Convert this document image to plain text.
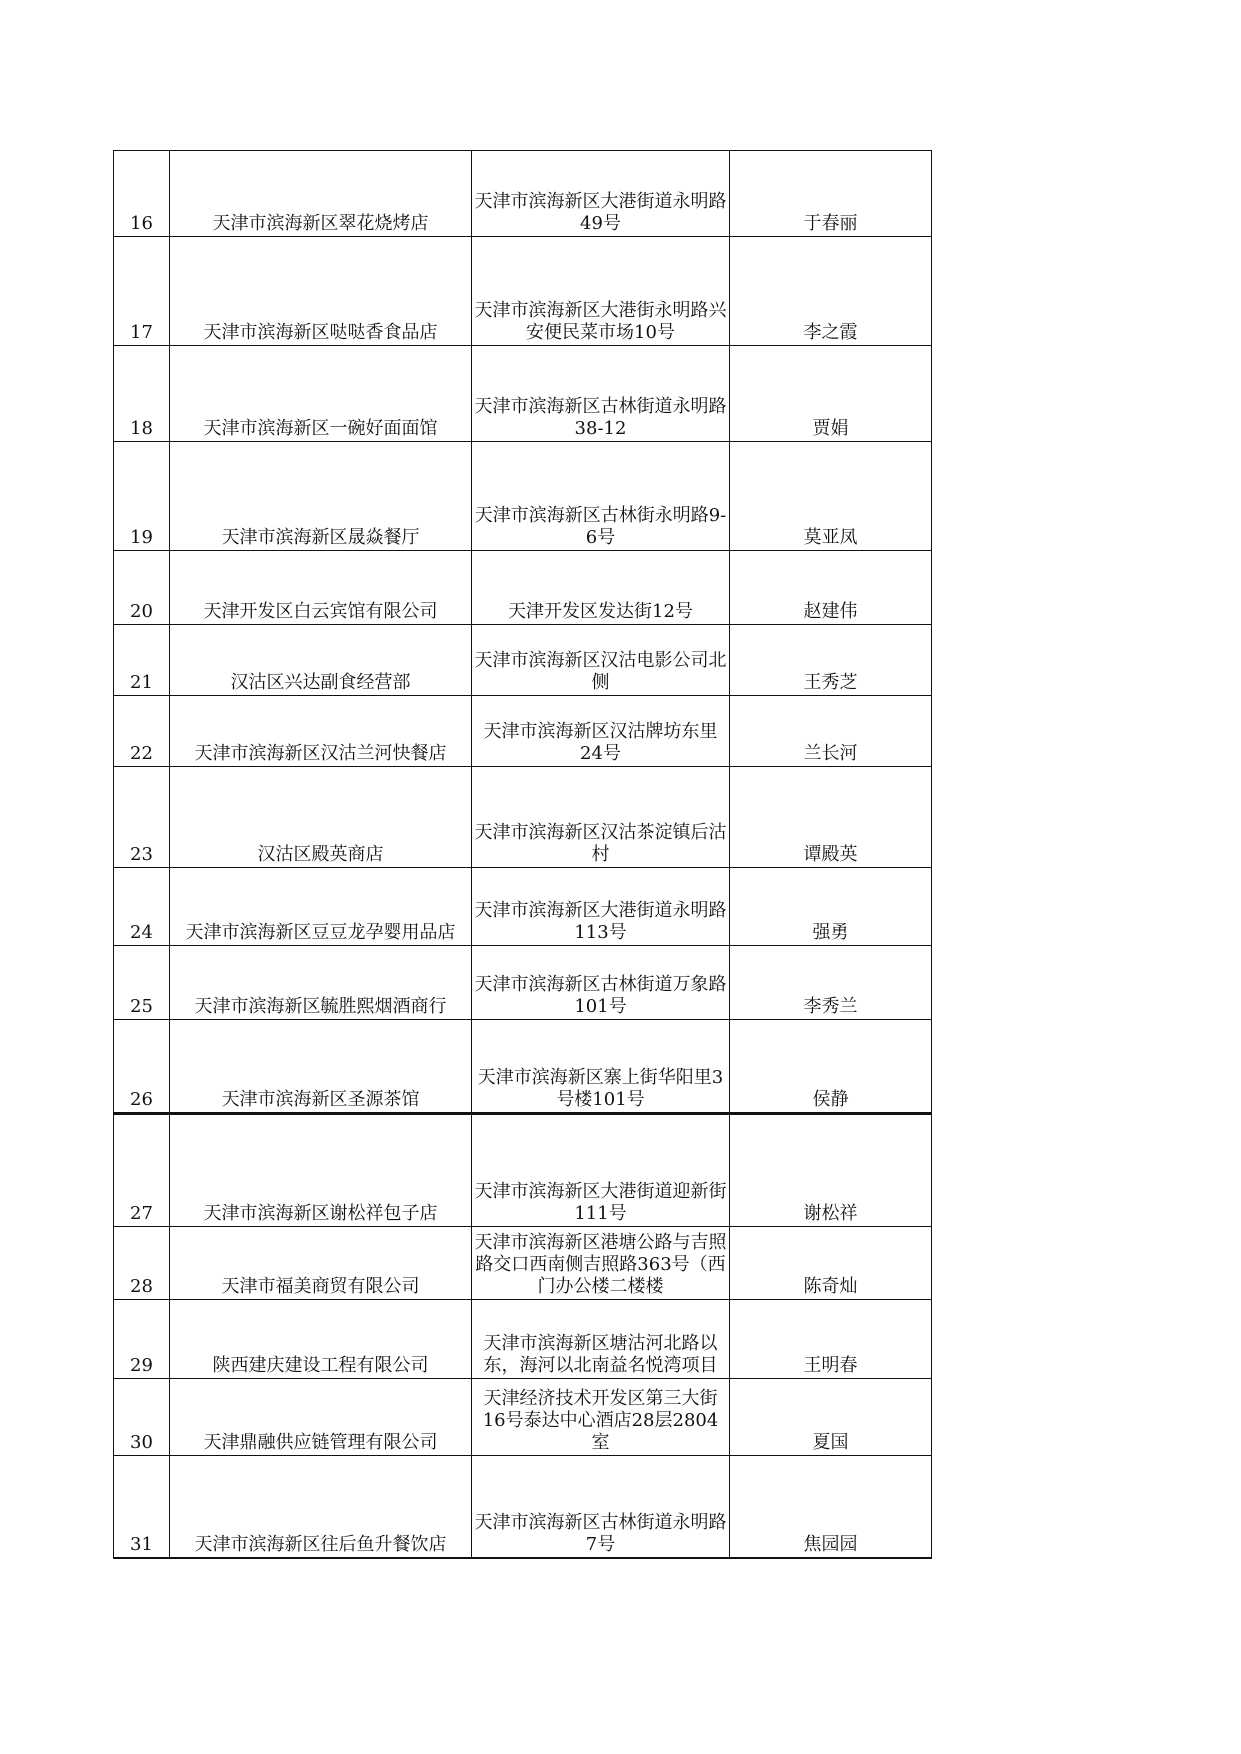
16	天津市滨海新区翠花烧烤店	天津市滨海新区大港街道永明路49号	于春丽
17	天津市滨海新区哒哒香食品店	天津市滨海新区大港街永明路兴安便民菜市场10号	李之霞
18	天津市滨海新区一碗好面面馆	天津市滨海新区古林街道永明路38-12	贾娟
19	天津市滨海新区晟焱餐厅	天津市滨海新区古林街永明路9-6号	莫亚凤
20	天津开发区白云宾馆有限公司	天津开发区发达街12号	赵建伟
21	汉沽区兴达副食经营部	天津市滨海新区汉沽电影公司北侧	王秀芝
22	天津市滨海新区汉沽兰河快餐店	天津市滨海新区汉沽牌坊东里24号	兰长河
23	汉沽区殿英商店	天津市滨海新区汉沽茶淀镇后沽村	谭殿英
24	天津市滨海新区豆豆龙孕婴用品店	天津市滨海新区大港街道永明路113号	强勇
25	天津市滨海新区毓胜熙烟酒商行	天津市滨海新区古林街道万象路101号	李秀兰
26	天津市滨海新区圣源茶馆	天津市滨海新区寨上街华阳里3号楼101号	侯静
27	天津市滨海新区谢松祥包子店	天津市滨海新区大港街道迎新街111号	谢松祥
28	天津市福美商贸有限公司	天津市滨海新区港塘公路与吉照路交口西南侧吉照路363号（西门办公楼二楼楼	陈奇灿
29	陕西建庆建设工程有限公司	天津市滨海新区塘沽河北路以东，海河以北南益名悦湾项目	王明春
30	天津鼎融供应链管理有限公司	天津经济技术开发区第三大街16号泰达中心酒店28层2804室	夏国
31	天津市滨海新区往后鱼升餐饮店	天津市滨海新区古林街道永明路7号	焦园园
